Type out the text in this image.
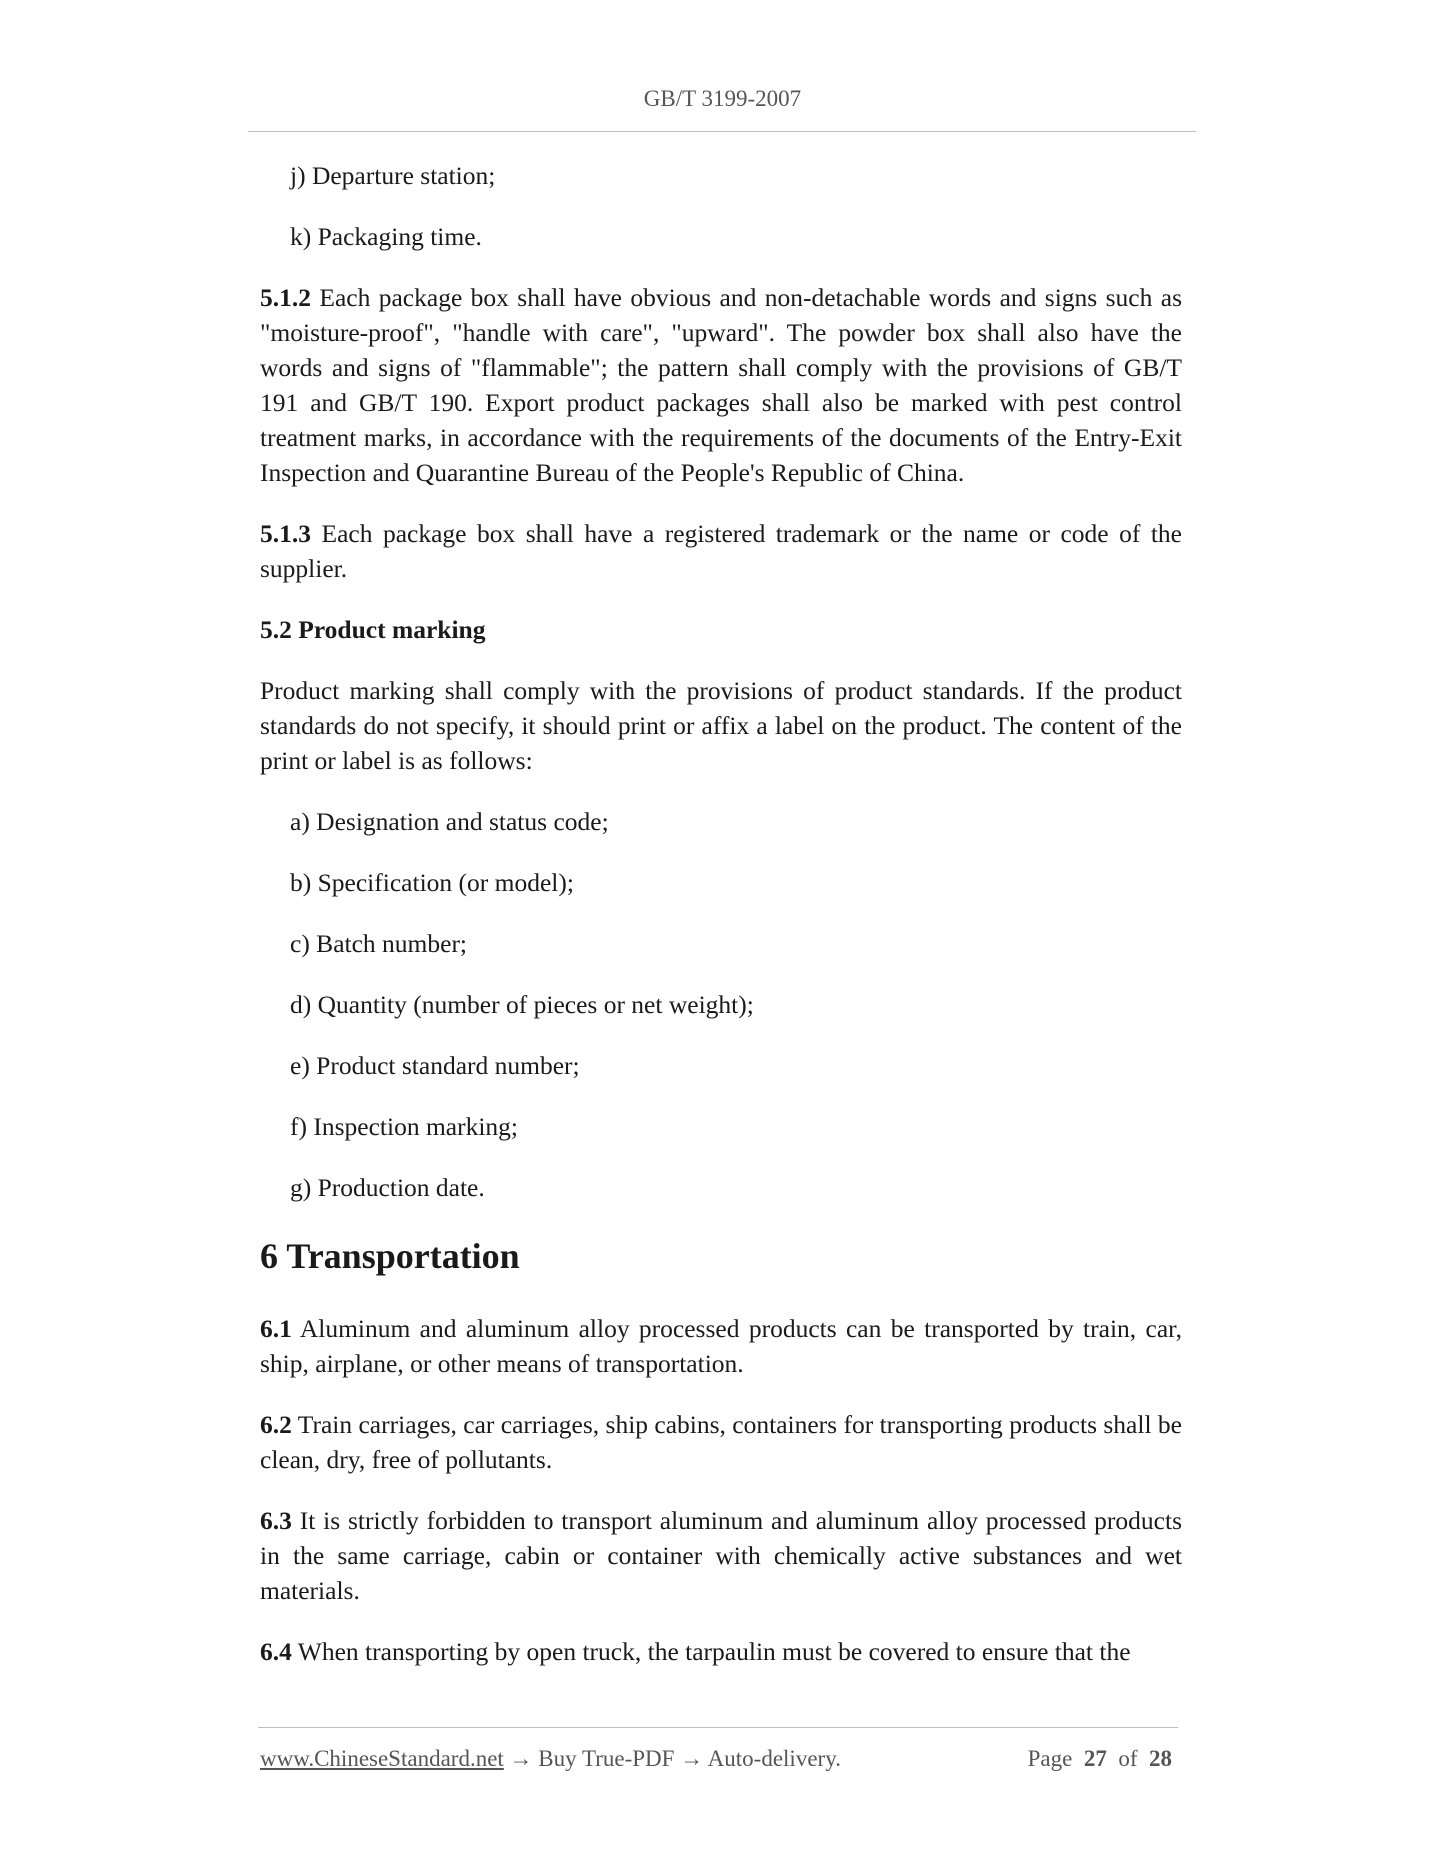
GB/T 3199-2007
j) Departure station;
k) Packaging time.
5.1.2 Each package box shall have obvious and non-detachable words and signs such as "moisture-proof", "handle with care", "upward". The powder box shall also have the words and signs of "flammable"; the pattern shall comply with the provisions of GB/T 191 and GB/T 190. Export product packages shall also be marked with pest control treatment marks, in accordance with the requirements of the documents of the Entry-Exit Inspection and Quarantine Bureau of the People's Republic of China.
5.1.3 Each package box shall have a registered trademark or the name or code of the supplier.
5.2 Product marking
Product marking shall comply with the provisions of product standards. If the product standards do not specify, it should print or affix a label on the product. The content of the print or label is as follows:
a) Designation and status code;
b) Specification (or model);
c) Batch number;
d) Quantity (number of pieces or net weight);
e) Product standard number;
f) Inspection marking;
g) Production date.
6 Transportation
6.1 Aluminum and aluminum alloy processed products can be transported by train, car, ship, airplane, or other means of transportation.
6.2 Train carriages, car carriages, ship cabins, containers for transporting products shall be clean, dry, free of pollutants.
6.3 It is strictly forbidden to transport aluminum and aluminum alloy processed products in the same carriage, cabin or container with chemically active substances and wet materials.
6.4 When transporting by open truck, the tarpaulin must be covered to ensure that the
www.ChineseStandard.net → Buy True-PDF → Auto-delivery.	Page 27 of 28
